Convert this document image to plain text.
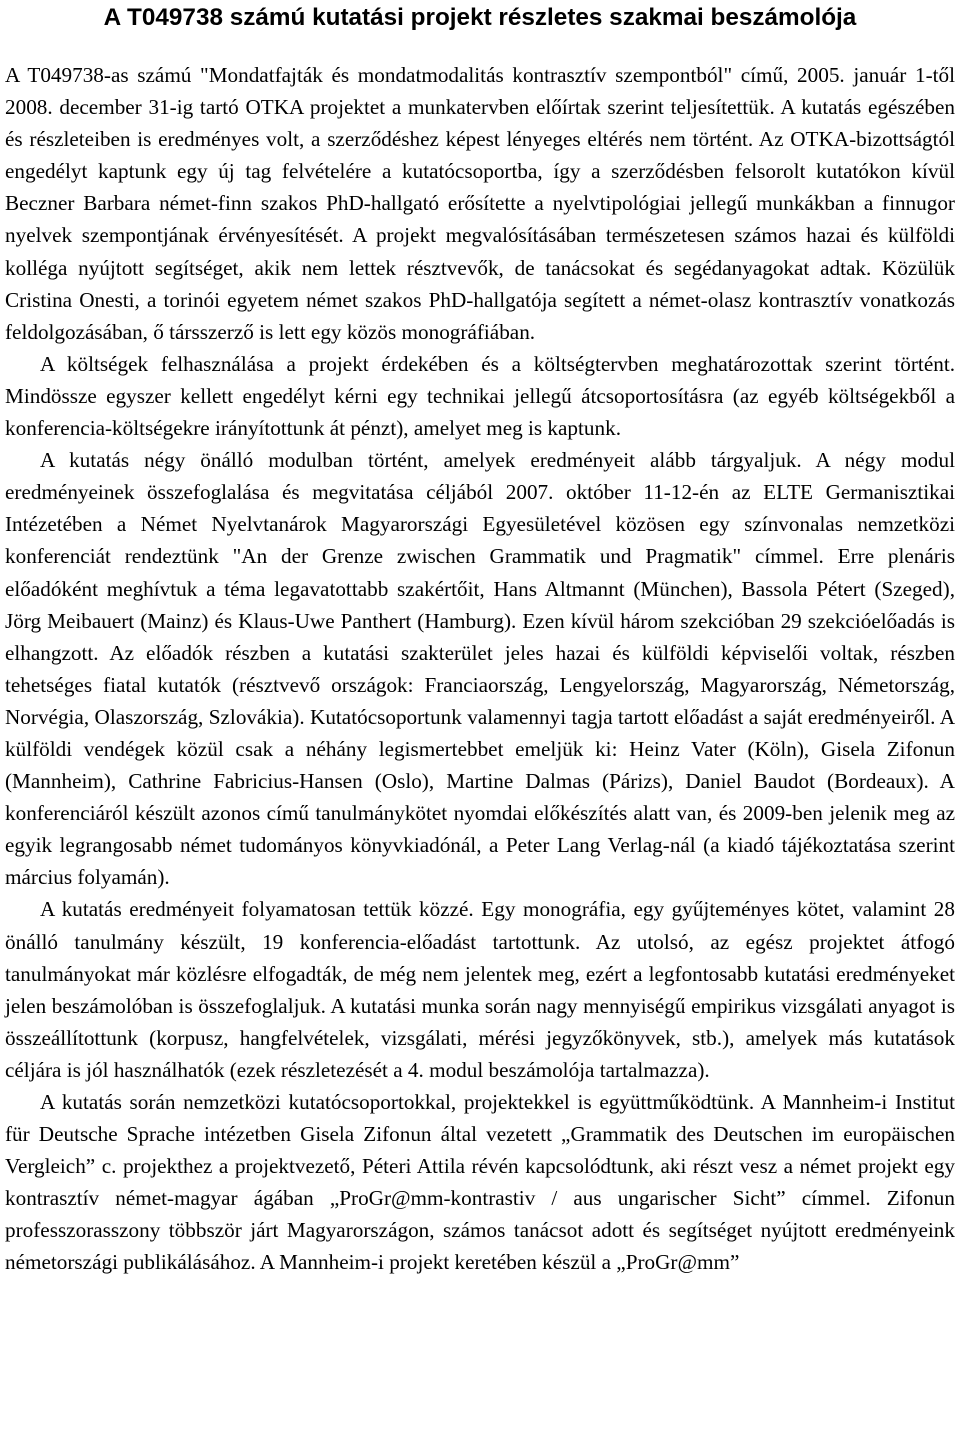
A T049738 számú kutatási projekt részletes szakmai beszámolója

A T049738-as számú "Mondatfajták és mondatmodalitás kontrasztív szempontból" című, 2005. január 1-től 2008. december 31-ig tartó OTKA projektet a munkatervben előírtak szerint teljesítettük. A kutatás egészében és részleteiben is eredményes volt, a szerződéshez képest lényeges eltérés nem történt. Az OTKA-bizottságtól engedélyt kaptunk egy új tag felvételére a kutatócsoportba, így a szerződésben felsorolt kutatókon kívül Beczner Barbara német-finn szakos PhD-hallgató erősítette a nyelvtipológiai jellegű munkákban a finnugor nyelvek szempontjának érvényesítését. A projekt megvalósításában természetesen számos hazai és külföldi kolléga nyújtott segítséget, akik nem lettek résztvevők, de tanácsokat és segédanyagokat adtak. Közülük Cristina Onesti, a torinói egyetem német szakos PhD-hallgatója segített a német-olasz kontrasztív vonatkozás feldolgozásában, ő társszerző is lett egy közös monográfiában.

A költségek felhasználása a projekt érdekében és a költségtervben meghatározottak szerint történt. Mindössze egyszer kellett engedélyt kérni egy technikai jellegű átcsoportosításra (az egyéb költségekből a konferencia-költségekre irányítottunk át pénzt), amelyet meg is kaptunk.

A kutatás négy önálló modulban történt, amelyek eredményeit alább tárgyaljuk. A négy modul eredményeinek összefoglalása és megvitatása céljából 2007. október 11-12-én az ELTE Germanisztikai Intézetében a Német Nyelvtanárok Magyarországi Egyesületével közösen egy színvonalas nemzetközi konferenciát rendeztünk "An der Grenze zwischen Grammatik und Pragmatik" címmel. Erre plenáris előadóként meghívtuk a téma legavatottabb szakértőit, Hans Altmannt (München), Bassola Pétert (Szeged), Jörg Meibauert (Mainz) és Klaus-Uwe Panthert (Hamburg). Ezen kívül három szekcióban 29 szekcióelőadás is elhangzott. Az előadók részben a kutatási szakterület jeles hazai és külföldi képviselői voltak, részben tehetséges fiatal kutatók (résztvevő országok: Franciaország, Lengyelország, Magyarország, Németország, Norvégia, Olaszország, Szlovákia). Kutatócsoportunk valamennyi tagja tartott előadást a saját eredményeiről. A külföldi vendégek közül csak a néhány legismertebbet emeljük ki: Heinz Vater (Köln), Gisela Zifonun (Mannheim), Cathrine Fabricius-Hansen (Oslo), Martine Dalmas (Párizs), Daniel Baudot (Bordeaux). A konferenciáról készült azonos című tanulmánykötet nyomdai előkészítés alatt van, és 2009-ben jelenik meg az egyik legrangosabb német tudományos könyvkiadónál, a Peter Lang Verlag-nál (a kiadó tájékoztatása szerint március folyamán).

A kutatás eredményeit folyamatosan tettük közzé. Egy monográfia, egy gyűjteményes kötet, valamint 28 önálló tanulmány készült, 19 konferencia-előadást tartottunk. Az utolsó, az egész projektet átfogó tanulmányokat már közlésre elfogadták, de még nem jelentek meg, ezért a legfontosabb kutatási eredményeket jelen beszámolóban is összefoglaljuk. A kutatási munka során nagy mennyiségű empirikus vizsgálati anyagot is összeállítottunk (korpusz, hangfelvételek, vizsgálati, mérési jegyzőkönyvek, stb.), amelyek más kutatások céljára is jól használhatók (ezek részletezését a 4. modul beszámolója tartalmazza).

A kutatás során nemzetközi kutatócsoportokkal, projektekkel is együttműködtünk. A Mannheim-i Institut für Deutsche Sprache intézetben Gisela Zifonun által vezetett „Grammatik des Deutschen im europäischen Vergleich” c. projekthez a projektvezető, Péteri Attila révén kapcsolódtunk, aki részt vesz a német projekt egy kontrasztív német-magyar ágában „ProGr@mm-kontrastiv / aus ungarischer Sicht” címmel. Zifonun professzorasszony többször járt Magyarországon, számos tanácsot adott és segítséget nyújtott eredményeink németországi publikálásához. A Mannheim-i projekt keretében készül a „ProGr@mm”
